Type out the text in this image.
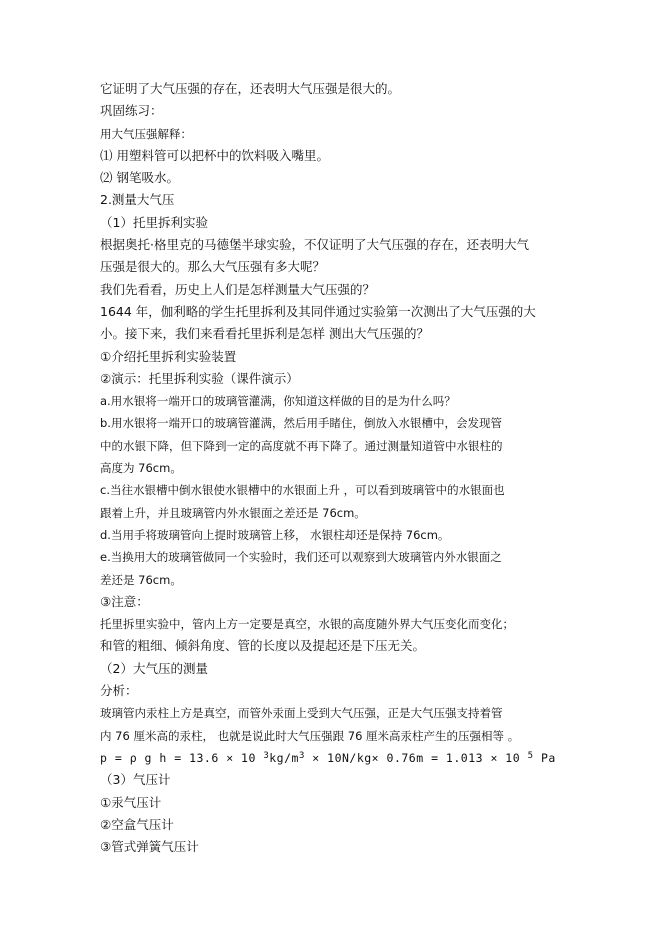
它证明了大气压强的存在，还表明大气压强是很大的。
巩固练习：
用大气压强解释：
⑴ 用塑料管可以把杯中的饮料吸入嘴里。
⑵ 钢笔吸水。
2.测量大气压
（1）托里拆利实验
根据奥托·格里克的马德堡半球实验，不仅证明了大气压强的存在，还表明大气
压强是很大的。那么大气压强有多大呢？
我们先看看，历史上人们是怎样测量大气压强的？
1644 年，伽利略的学生托里拆利及其同伴通过实验第一次测出了大气压强的大
小。接下来，我们来看看托里拆利是怎样 测出大气压强的？
①介绍托里拆利实验装置
②演示：托里拆利实验（课件演示）
a.用水银将一端开口的玻璃管灌满，你知道这样做的目的是为什么吗？
b.用水银将一端开口的玻璃管灌满，然后用手睹住，倒放入水银槽中，会发现管
中的水银下降，但下降到一定的高度就不再下降了。通过测量知道管中水银柱的
高度为 76cm。
c.当往水银槽中倒水银使水银槽中的水银面上升 ，可以看到玻璃管中的水银面也
跟着上升，并且玻璃管内外水银面之差还是 76cm。
d.当用手将玻璃管向上提时玻璃管上移， 水银柱却还是保持 76cm。
e.当换用大的玻璃管做同一个实验时，我们还可以观察到大玻璃管内外水银面之
差还是 76cm。
③注意：
托里拆里实验中，管内上方一定要是真空，水银的高度随外界大气压变化而变化；
和管的粗细、倾斜角度、管的长度以及提起还是下压无关。
（2）大气压的测量
分析：
玻璃管内汞柱上方是真空，而管外汞面上受到大气压强，正是大气压强支持着管
内 76 厘米高的汞柱， 也就是说此时大气压强跟 76 厘米高汞柱产生的压强相等 。
p = ρ g h = 13.6 × 10 $^3kg/m^3 \times 10N/kg\times 0.76m = 1.013 \times 10$ $^5$ Pa
（3）气压计
①汞气压计
②空盒气压计
③管式弹簧气压计
